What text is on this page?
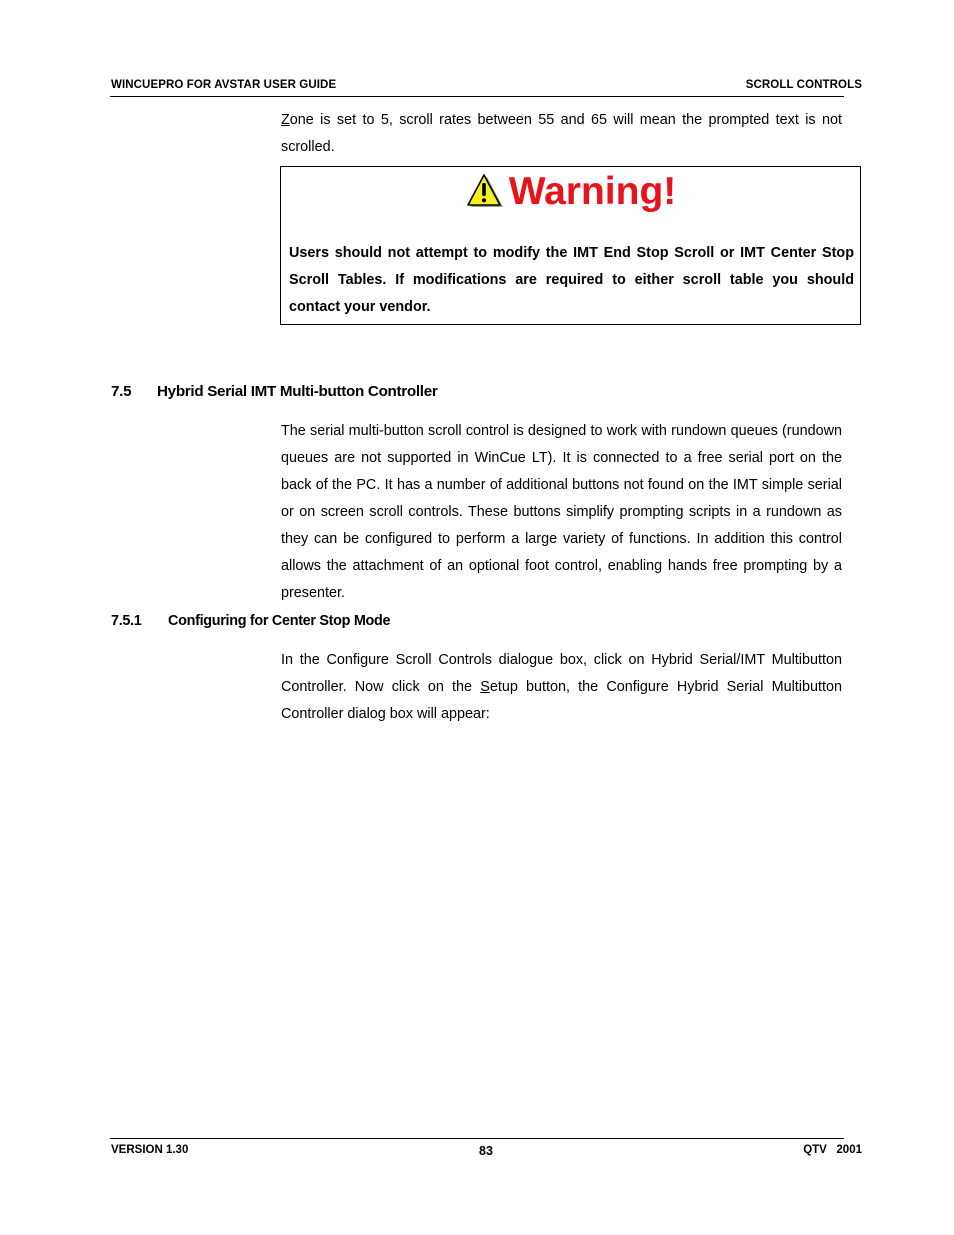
WINCUEPRO FOR AVSTAR USER GUIDE	SCROLL CONTROLS
Zone is set to 5, scroll rates between 55 and 65 will mean the prompted text is not scrolled.
Warning!
Users should not attempt to modify the IMT End Stop Scroll or IMT Center Stop Scroll Tables. If modifications are required to either scroll table you should contact your vendor.
7.5 Hybrid Serial IMT Multi-button Controller
The serial multi-button scroll control is designed to work with rundown queues (rundown queues are not supported in WinCue LT). It is connected to a free serial port on the back of the PC. It has a number of additional buttons not found on the IMT simple serial or on screen scroll controls. These buttons simplify prompting scripts in a rundown as they can be configured to perform a large variety of functions. In addition this control allows the attachment of an optional foot control, enabling hands free prompting by a presenter.
7.5.1 Configuring for Center Stop Mode
In the Configure Scroll Controls dialogue box, click on Hybrid Serial/IMT Multibutton Controller. Now click on the Setup button, the Configure Hybrid Serial Multibutton Controller dialog box will appear:
VERSION 1.30	83	QTV   2001
